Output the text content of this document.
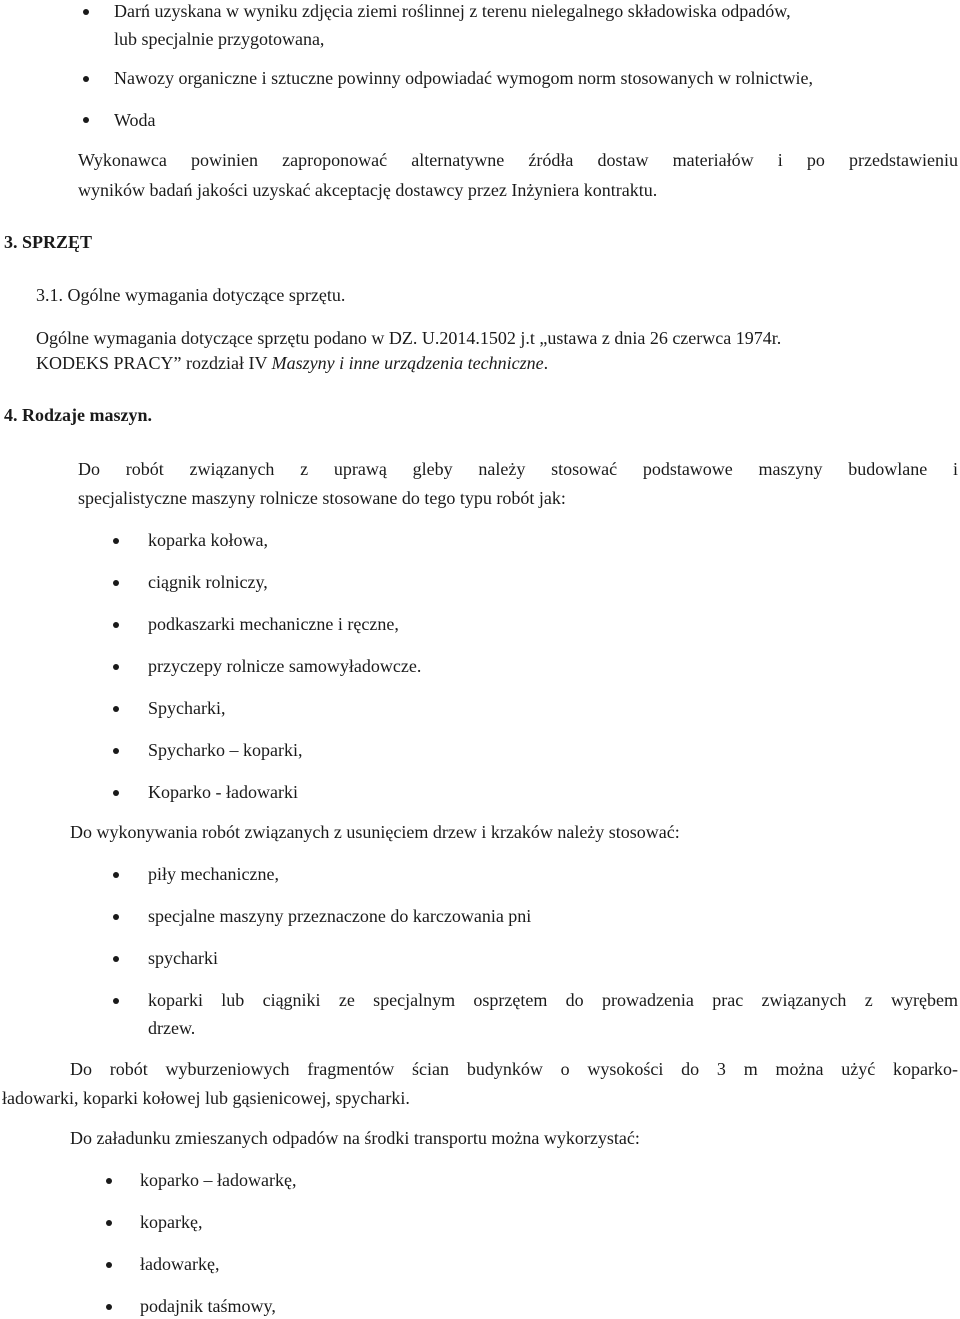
Darń uzyskana w wyniku zdjęcia ziemi roślinnej z terenu nielegalnego składowiska odpadów,
lub specjalnie przygotowana,
Nawozy organiczne i sztuczne powinny odpowiadać wymogom norm stosowanych w rolnictwie,
Woda
Wykonawca powinien zaproponować alternatywne źródła dostaw materiałów i po przedstawieniu
wyników badań jakości uzyskać akceptację dostawcy przez Inżyniera kontraktu.
3. SPRZĘT
3.1. Ogólne wymagania dotyczące sprzętu.
Ogólne wymagania dotyczące sprzętu podano w DZ. U.2014.1502 j.t „ustawa z dnia 26 czerwca 1974r.
KODEKS PRACY” rozdział IV Maszyny i inne urządzenia techniczne.
4. Rodzaje maszyn.
Do robót związanych z uprawą gleby należy stosować podstawowe maszyny budowlane i
specjalistyczne maszyny rolnicze stosowane do tego typu robót jak:
koparka kołowa,
ciągnik rolniczy,
podkaszarki mechaniczne i ręczne,
przyczepy rolnicze samowyładowcze.
Spycharki,
Spycharko – koparki,
Koparko - ładowarki
Do wykonywania robót związanych z usunięciem drzew i krzaków należy stosować:
piły mechaniczne,
specjalne maszyny przeznaczone do karczowania pni
spycharki
koparki lub ciągniki ze specjalnym osprzętem do prowadzenia prac związanych z wyrębem
drzew.
Do robót wyburzeniowych fragmentów ścian budynków o wysokości do 3 m można użyć koparko-
ładowarki, koparki kołowej lub gąsienicowej, spycharki.
Do załadunku zmieszanych odpadów na środki transportu można wykorzystać:
koparko – ładowarkę,
koparkę,
ładowarkę,
podajnik taśmowy,
